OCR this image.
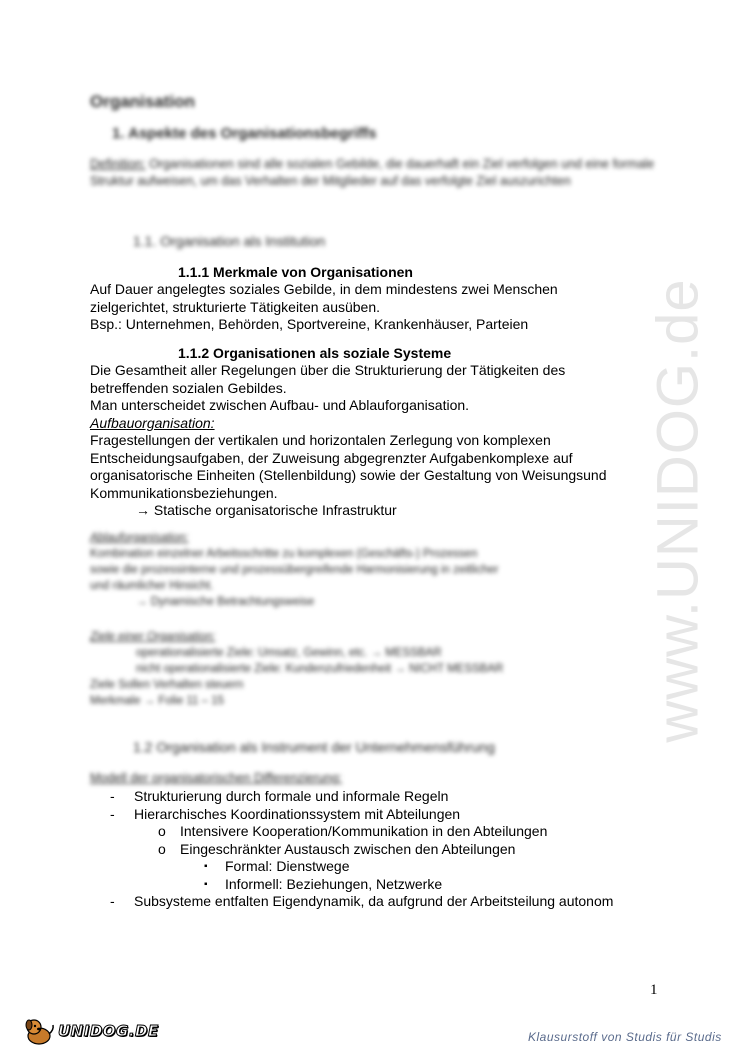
www.UNIDOG.de
Organisation
1. Aspekte des Organisationsbegriffs
Definition: Organisationen sind alle sozialen Gebilde, die dauerhaft ein Ziel verfolgen und eine formale Struktur aufweisen, um das Verhalten der Mitglieder auf das verfolgte Ziel auszurichten
1.1. Organisation als Institution
1.1.1 Merkmale von Organisationen
Auf Dauer angelegtes soziales Gebilde, in dem mindestens zwei Menschen
zielgerichtet, strukturierte Tätigkeiten ausüben.
Bsp.: Unternehmen, Behörden, Sportvereine, Krankenhäuser, Parteien
1.1.2 Organisationen als soziale Systeme
Die Gesamtheit aller Regelungen über die Strukturierung der Tätigkeiten des
betreffenden sozialen Gebildes.
Man unterscheidet zwischen Aufbau- und Ablauforganisation.
Aufbauorganisation:
Fragestellungen der vertikalen und horizontalen Zerlegung von komplexen
Entscheidungsaufgaben, der Zuweisung abgegrenzter Aufgabenkomplexe auf
organisatorische Einheiten (Stellenbildung) sowie der Gestaltung von Weisungsund
Kommunikationsbeziehungen.
→ Statische organisatorische Infrastruktur
Ablauforganisation:
Kombination einzelner Arbeitsschritte zu komplexen (Geschäfts-) Prozessen
sowie die prozessinterne und prozessübergreifende Harmonisierung in zeitlicher
und räumlicher Hinsicht.
→ Dynamische Betrachtungsweise
Ziele einer Organisation:
operationalisierte Ziele: Umsatz, Gewinn, etc. → MESSBAR
nicht operationalisierte Ziele: Kundenzufriedenheit → NICHT MESSBAR
Ziele Sollen Verhalten steuern
Merkmale → Folie 11 – 15
1.2 Organisation als Instrument der Unternehmensführung
Modell der organisatorischen Differenzierung:
- Strukturierung durch formale und informale Regeln
- Hierarchisches Koordinationssystem mit Abteilungen
o Intensivere Kooperation/Kommunikation in den Abteilungen
o Eingeschränkter Austausch zwischen den Abteilungen
▪ Formal: Dienstwege
▪ Informell: Beziehungen, Netzwerke
- Subsysteme entfalten Eigendynamik, da aufgrund der Arbeitsteilung autonom
1
UNIDOG.DE	Klausurstoff von Studis für Studis
